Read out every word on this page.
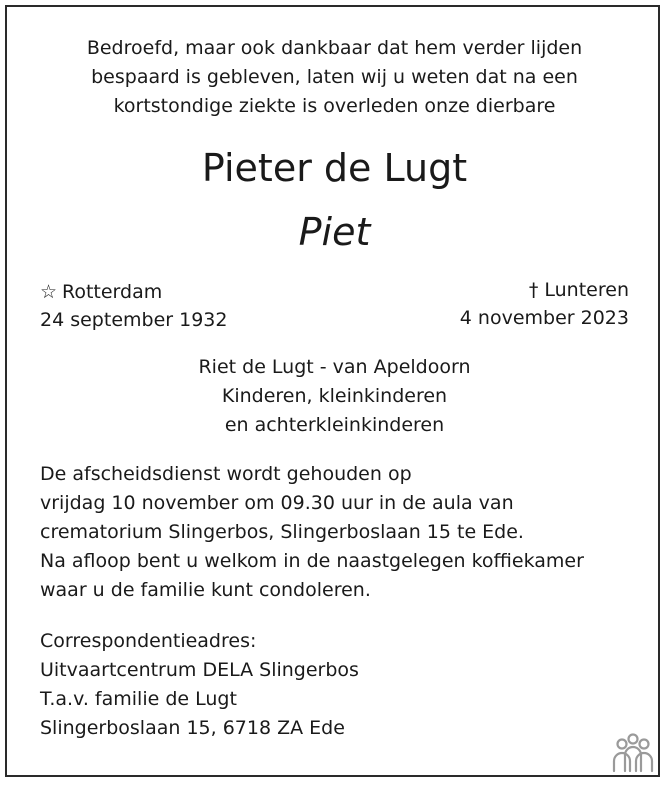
Bedroefd, maar ook dankbaar dat hem verder lijden
bespaard is gebleven, laten wij u weten dat na een
kortstondige ziekte is overleden onze dierbare
Pieter de Lugt
Piet
☆ Rotterdam
24 september 1932
† Lunteren
4 november 2023
Riet de Lugt - van Apeldoorn
Kinderen, kleinkinderen
en achterkleinkinderen
De afscheidsdienst wordt gehouden op
vrijdag 10 november om 09.30 uur in de aula van
crematorium Slingerbos, Slingerboslaan 15 te Ede.
Na afloop bent u welkom in de naastgelegen koffiekamer
waar u de familie kunt condoleren.
Correspondentieadres:
Uitvaartcentrum DELA Slingerbos
T.a.v. familie de Lugt
Slingerboslaan 15, 6718 ZA Ede
